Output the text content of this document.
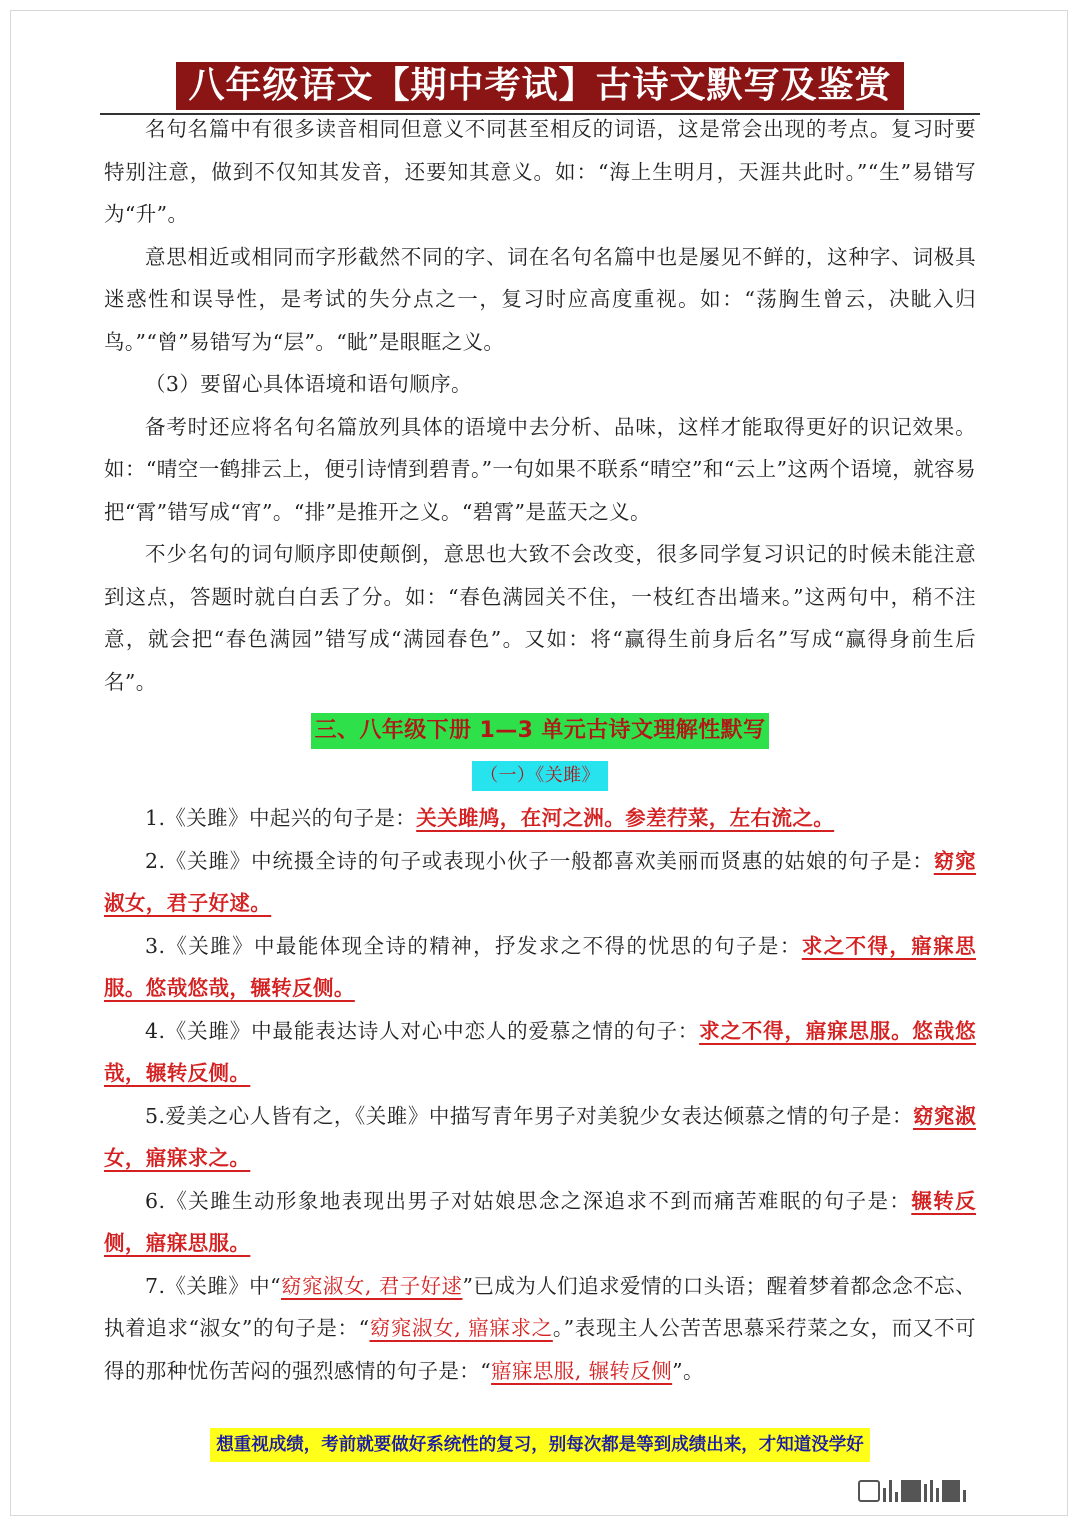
八年级语文【期中考试】古诗文默写及鉴赏

名句名篇中有很多读音相同但意义不同甚至相反的词语，这是常会出现的考点。复习时要特别注意，做到不仅知其发音，还要知其意义。如：“海上生明月，天涯共此时。”“生”易错写为“升”。

意思相近或相同而字形截然不同的字、词在名句名篇中也是屡见不鲜的，这种字、词极具迷惑性和误导性，是考试的失分点之一，复习时应高度重视。如：“荡胸生曾云，决眦入归鸟。”“曾”易错写为“层”。“眦”是眼眶之义。

（3）要留心具体语境和语句顺序。

备考时还应将名句名篇放列具体的语境中去分析、品味，这样才能取得更好的识记效果。如：“晴空一鹤排云上，便引诗情到碧青。”一句如果不联系“晴空”和“云上”这两个语境，就容易把“霄”错写成“宵”。“排”是推开之义。“碧霄”是蓝天之义。

不少名句的词句顺序即使颠倒，意思也大致不会改变，很多同学复习识记的时候未能注意到这点，答题时就白白丢了分。如：“春色满园关不住，一枝红杏出墙来。”这两句中，稍不注意，就会把“春色满园”错写成“满园春色”。又如：将“赢得生前身后名”写成“赢得身前生后名”。

三、八年级下册 1—3 单元古诗文理解性默写
（一）《关雎》

1.《关雎》中起兴的句子是：关关雎鸠，在河之洲。参差荇菜，左右流之。

2.《关雎》中统摄全诗的句子或表现小伙子一般都喜欢美丽而贤惠的姑娘的句子是：窈窕淑女，君子好逑。

3.《关雎》中最能体现全诗的精神，抒发求之不得的忧思的句子是：求之不得，寤寐思服。悠哉悠哉，辗转反侧。

4.《关雎》中最能表达诗人对心中恋人的爱慕之情的句子：求之不得，寤寐思服。悠哉悠哉，辗转反侧。

5.爱美之心人皆有之，《关雎》中描写青年男子对美貌少女表达倾慕之情的句子是：窈窕淑女，寤寐求之。

6.《关雎生动形象地表现出男子对姑娘思念之深追求不到而痛苦难眠的句子是：辗转反侧，寤寐思服。

7.《关雎》中“窈窕淑女, 君子好逑”已成为人们追求爱情的口头语；醒着梦着都念念不忘、执着追求“淑女”的句子是：“窈窕淑女, 寤寐求之。”表现主人公苦苦思慕采荇菜之女，而又不可得的那种忧伤苦闷的强烈感情的句子是：“寤寐思服, 辗转反侧”。

想重视成绩，考前就要做好系统性的复习，别每次都是等到成绩出来，才知道没学好
